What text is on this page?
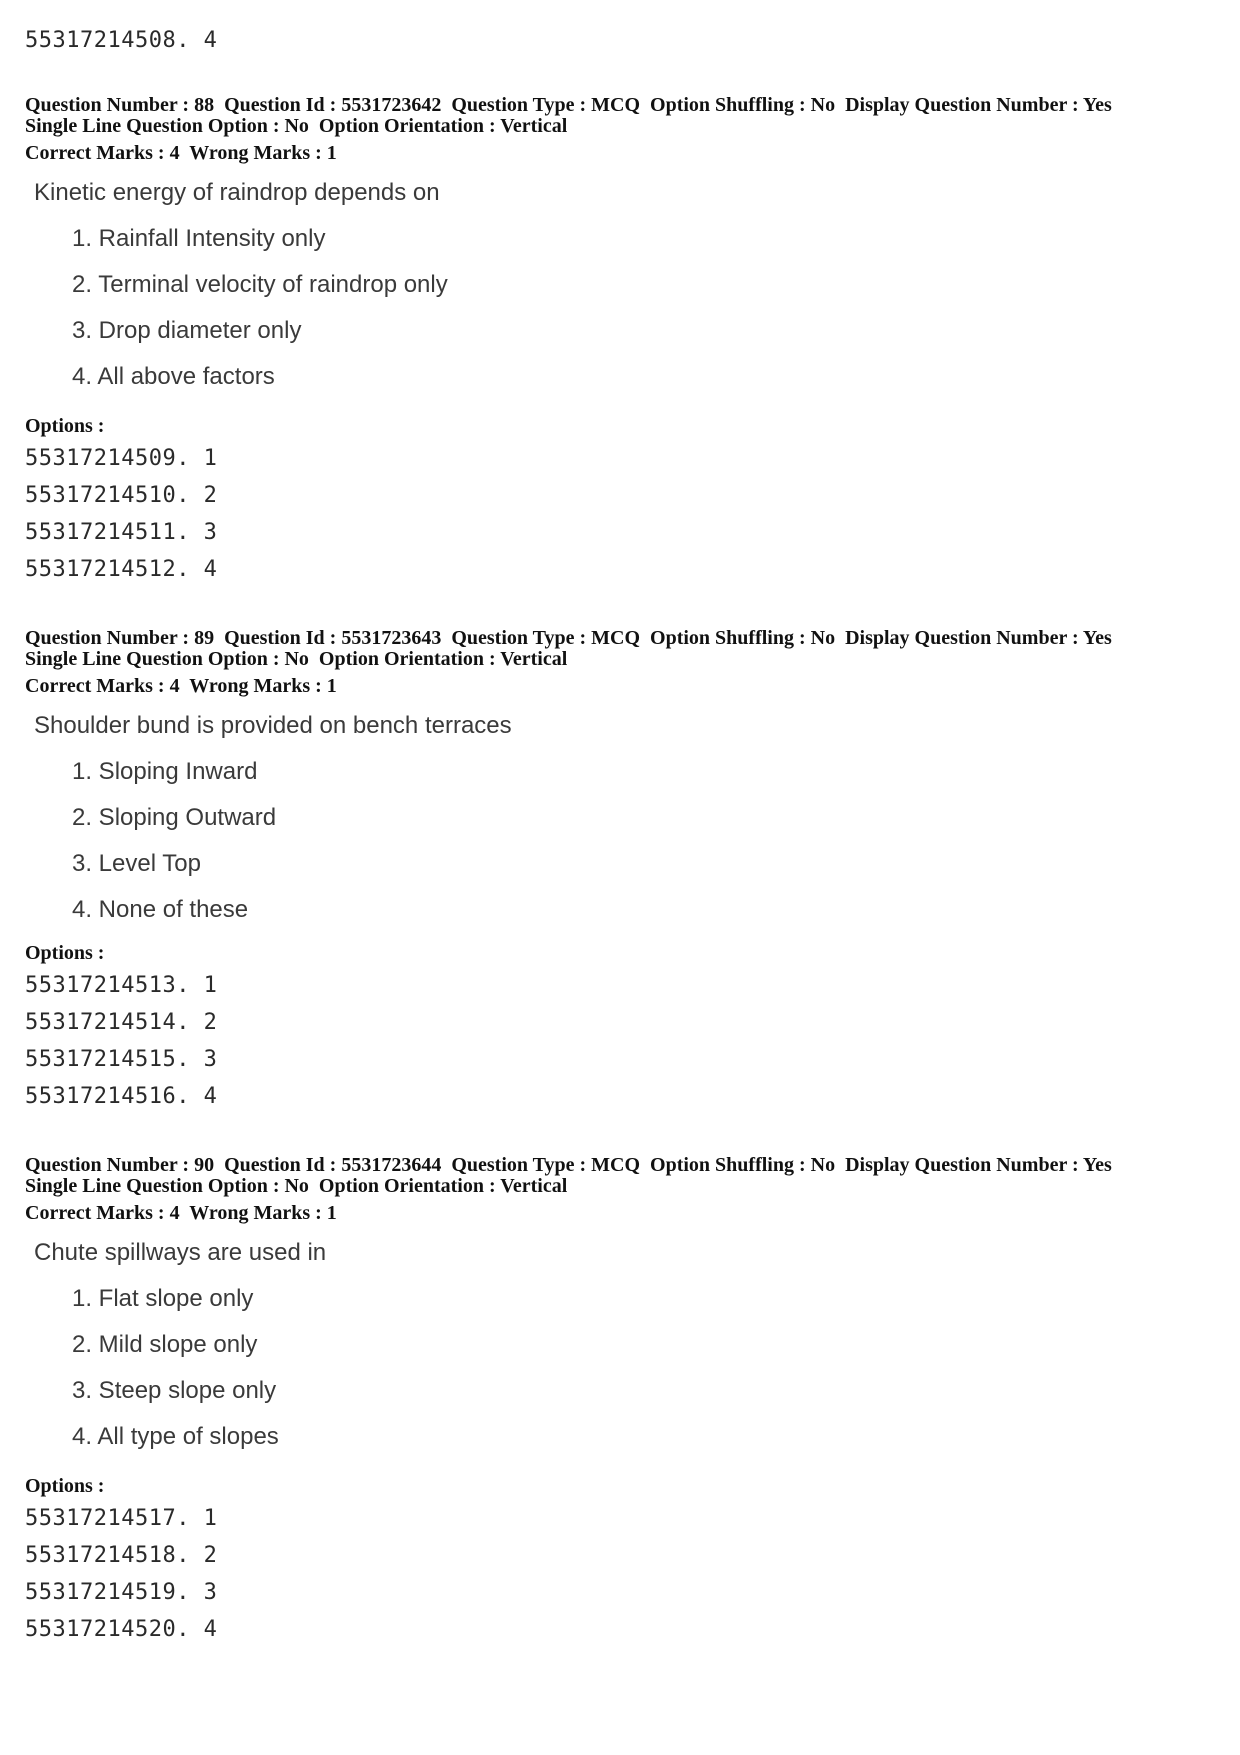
55317214508. 4
Question Number : 88  Question Id : 5531723642  Question Type : MCQ  Option Shuffling : No  Display Question Number : Yes
Single Line Question Option : No  Option Orientation : Vertical
Correct Marks : 4  Wrong Marks : 1
Kinetic energy of raindrop depends on
1. Rainfall Intensity only
2. Terminal velocity of raindrop only
3. Drop diameter only
4. All above factors
Options :
55317214509. 1
55317214510. 2
55317214511. 3
55317214512. 4
Question Number : 89  Question Id : 5531723643  Question Type : MCQ  Option Shuffling : No  Display Question Number : Yes
Single Line Question Option : No  Option Orientation : Vertical
Correct Marks : 4  Wrong Marks : 1
Shoulder bund is provided on bench terraces
1. Sloping Inward
2. Sloping Outward
3. Level Top
4. None of these
Options :
55317214513. 1
55317214514. 2
55317214515. 3
55317214516. 4
Question Number : 90  Question Id : 5531723644  Question Type : MCQ  Option Shuffling : No  Display Question Number : Yes
Single Line Question Option : No  Option Orientation : Vertical
Correct Marks : 4  Wrong Marks : 1
Chute spillways are used in
1. Flat slope only
2. Mild slope only
3. Steep slope only
4. All type of slopes
Options :
55317214517. 1
55317214518. 2
55317214519. 3
55317214520. 4
